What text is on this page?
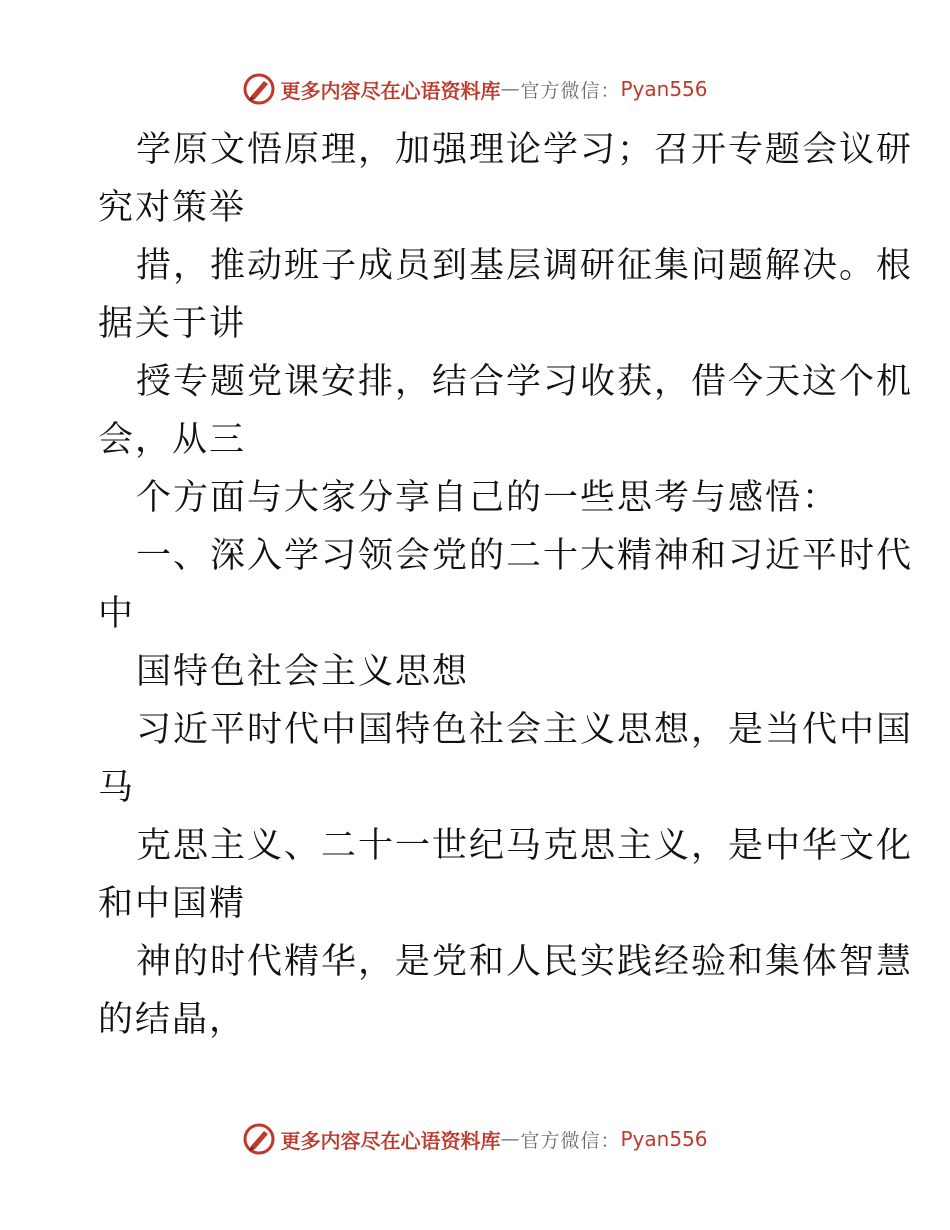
更多内容尽在心语资料库 — 官方微信： Pyan556
学原文悟原理，加强理论学习；召开专题会议研
究对策举
措，推动班子成员到基层调研征集问题解决。根
据关于讲
授专题党课安排，结合学习收获，借今天这个机
会，从三
个方面与大家分享自己的一些思考与感悟：
一、深入学习领会党的二十大精神和习近平时代
中
国特色社会主义思想
习近平时代中国特色社会主义思想，是当代中国
马
克思主义、二十一世纪马克思主义，是中华文化
和中国精
神的时代精华，是党和人民实践经验和集体智慧
的结晶，
更多内容尽在心语资料库 — 官方微信： Pyan556
